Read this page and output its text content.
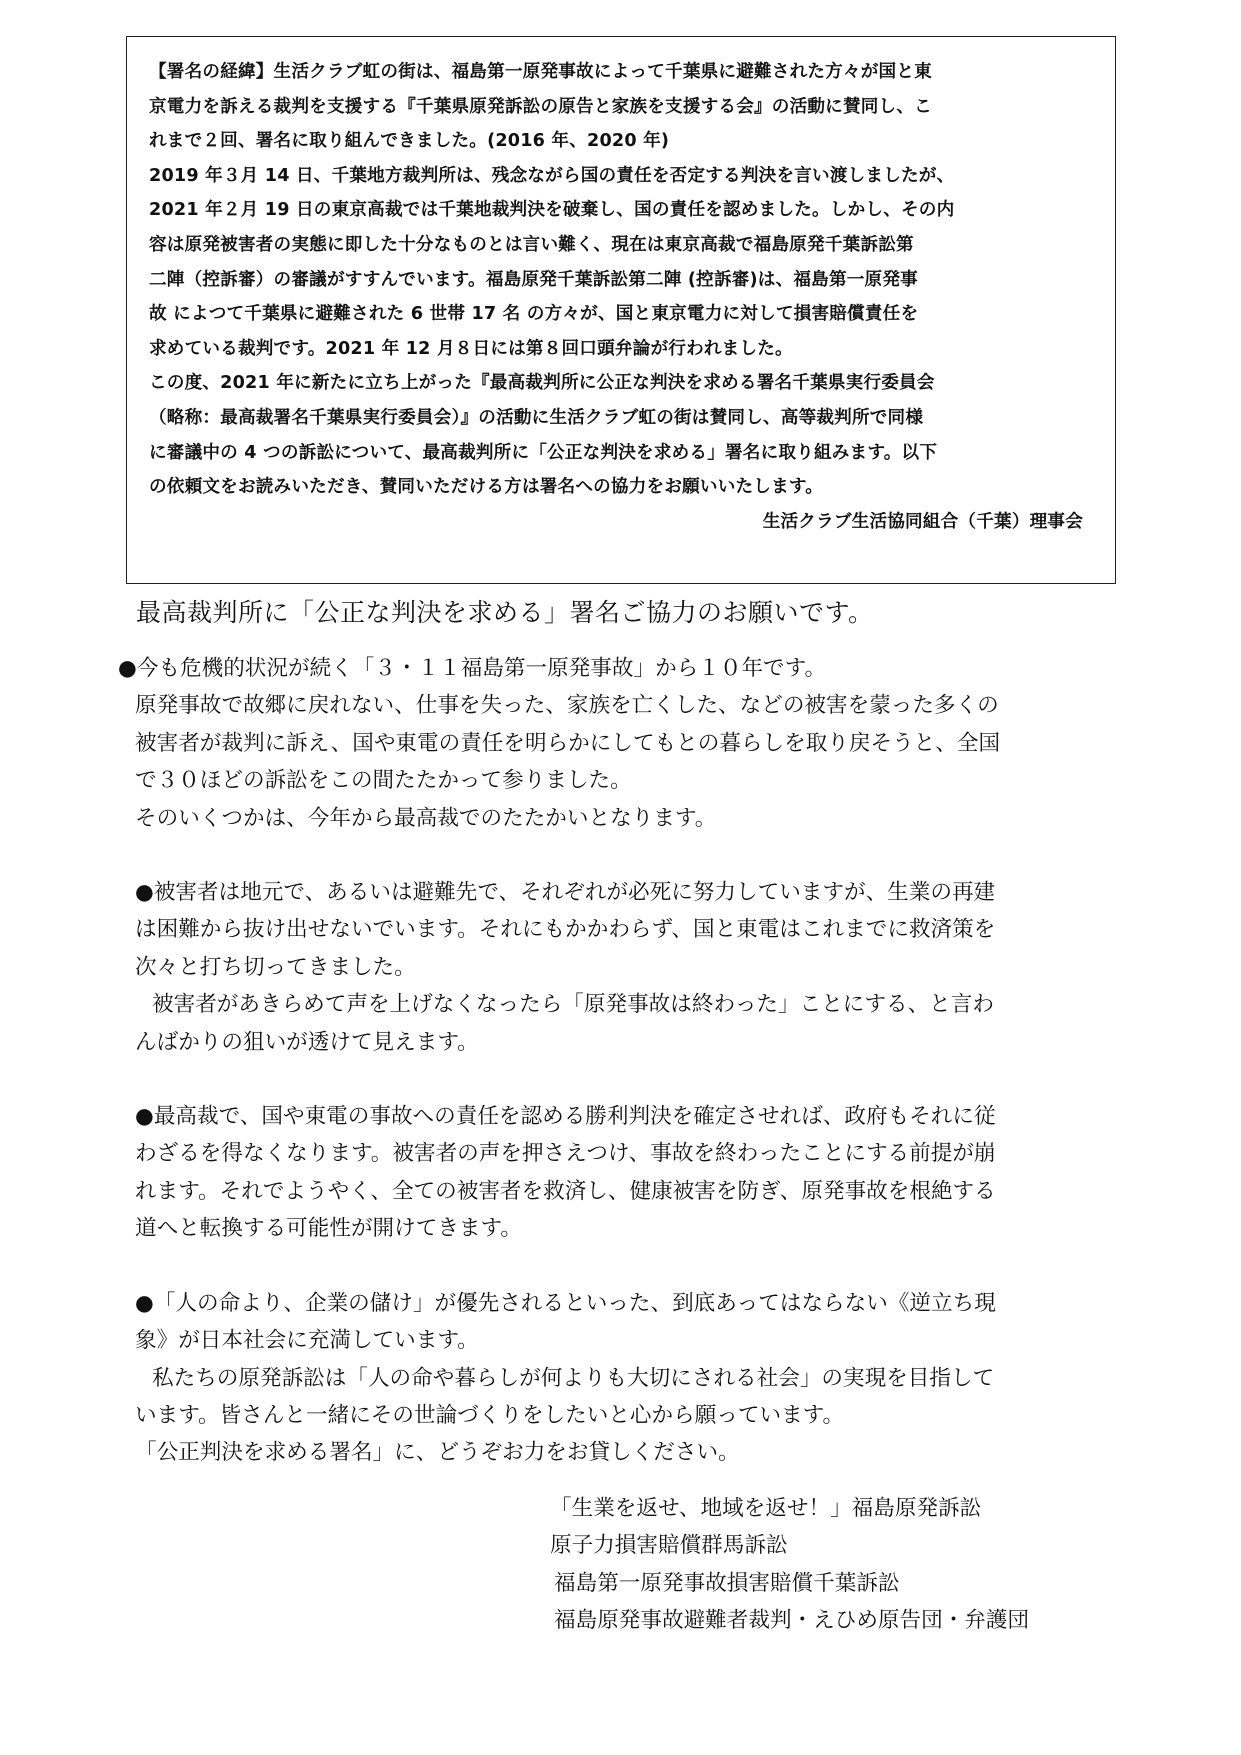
【署名の経緯】生活クラブ虹の街は、福島第一原発事故によって千葉県に避難された方々が国と東
京電力を訴える裁判を支援する『千葉県原発訴訟の原告と家族を支援する会』の活動に賛同し、こ
れまで２回、署名に取り組んできました。(2016 年、2020 年)
2019 年３月 14 日、千葉地方裁判所は、残念ながら国の責任を否定する判決を言い渡しましたが、
2021 年２月 19 日の東京高裁では千葉地裁判決を破棄し、国の責任を認めました。しかし、その内
容は原発被害者の実態に即した十分なものとは言い難く、現在は東京高裁で福島原発千葉訴訟第
二陣（控訴審）の審議がすすんでいます。福島原発千葉訴訟第二陣 (控訴審)は、福島第一原発事
故 によつて千葉県に避難された 6 世帯 17 名 の方々が、国と東京電力に対して損害賠償責任を
求めている裁判です。2021 年 12 月８日には第８回口頭弁論が行われました。
この度、2021 年に新たに立ち上がった『最高裁判所に公正な判決を求める署名千葉県実行委員会
（略称：最高裁署名千葉県実行委員会）』の活動に生活クラブ虹の街は賛同し、高等裁判所で同様
に審議中の 4 つの訴訟について、最高裁判所に「公正な判決を求める」署名に取り組みます。以下
の依頼文をお読みいただき、賛同いただける方は署名への協力をお願いいたします。
生活クラブ生活協同組合（千葉）理事会
最高裁判所に「公正な判決を求める」署名ご協力のお願いです。
●今も危機的状況が続く「３・１１福島第一原発事故」から１０年です。
原発事故で故郷に戻れない、仕事を失った、家族を亡くした、などの被害を蒙った多くの
被害者が裁判に訴え、国や東電の責任を明らかにしてもとの暮らしを取り戻そうと、全国
で３０ほどの訴訟をこの間たたかって参りました。
そのいくつかは、今年から最高裁でのたたかいとなります。
●被害者は地元で、あるいは避難先で、それぞれが必死に努力していますが、生業の再建
は困難から抜け出せないでいます。それにもかかわらず、国と東電はこれまでに救済策を
次々と打ち切ってきました。
被害者があきらめて声を上げなくなったら「原発事故は終わった」ことにする、と言わ
んばかりの狙いが透けて見えます。
●最高裁で、国や東電の事故への責任を認める勝利判決を確定させれば、政府もそれに従
わざるを得なくなります。被害者の声を押さえつけ、事故を終わったことにする前提が崩
れます。それでようやく、全ての被害者を救済し、健康被害を防ぎ、原発事故を根絶する
道へと転換する可能性が開けてきます。
●「人の命より、企業の儲け」が優先されるといった、到底あってはならない《逆立ち現
象》が日本社会に充満しています。
私たちの原発訴訟は「人の命や暮らしが何よりも大切にされる社会」の実現を目指して
います。皆さんと一緒にその世論づくりをしたいと心から願っています。
「公正判決を求める署名」に、どうぞお力をお貸しください。
「生業を返せ、地域を返せ！」福島原発訴訟
原子力損害賠償群馬訴訟
福島第一原発事故損害賠償千葉訴訟
福島原発事故避難者裁判・えひめ原告団・弁護団
